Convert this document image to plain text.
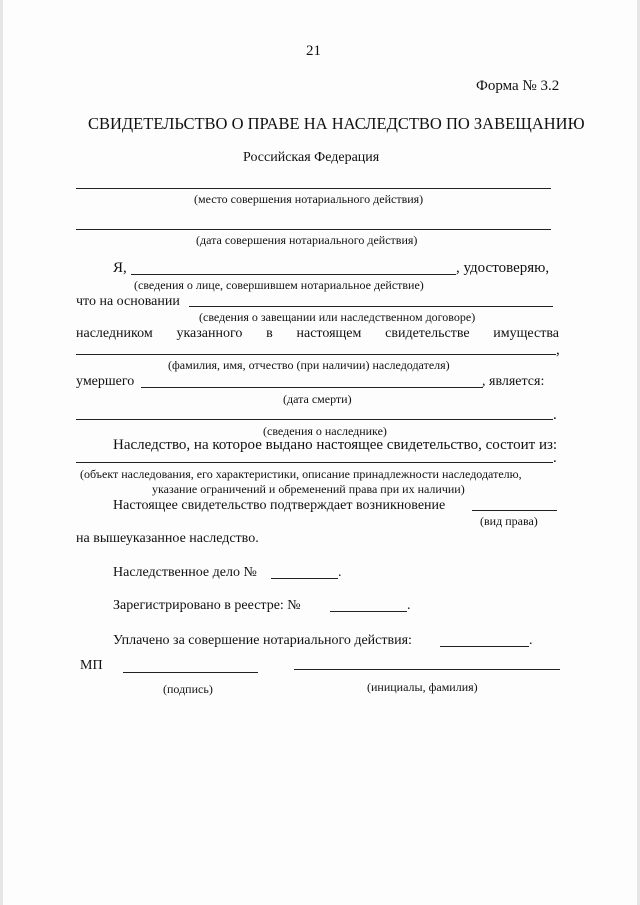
21
Форма № 3.2
СВИДЕТЕЛЬСТВО О ПРАВЕ НА НАСЛЕДСТВО ПО ЗАВЕЩАНИЮ
Российская Федерация
(место совершения нотариального действия)
(дата совершения нотариального действия)
Я,	, удостоверяю,
(сведения о лице, совершившем нотариальное действие)
что на основании
(сведения о завещании или наследственном договоре)
наследником указанного в настоящем свидетельстве имущества
,
(фамилия, имя, отчество (при наличии) наследодателя)
умершего	, является:
(дата смерти)
.
(сведения о наследнике)
Наследство, на которое выдано настоящее свидетельство, состоит из:
.
(объект наследования, его характеристики, описание принадлежности наследодателю,
указание ограничений и обременений права при их наличии)
Настоящее свидетельство подтверждает возникновение
(вид права)
на вышеуказанное наследство.
Наследственное дело №	.
Зарегистрировано в реестре: №	.
Уплачено за совершение нотариального действия:	.
МП
(подпись)	(инициалы, фамилия)
